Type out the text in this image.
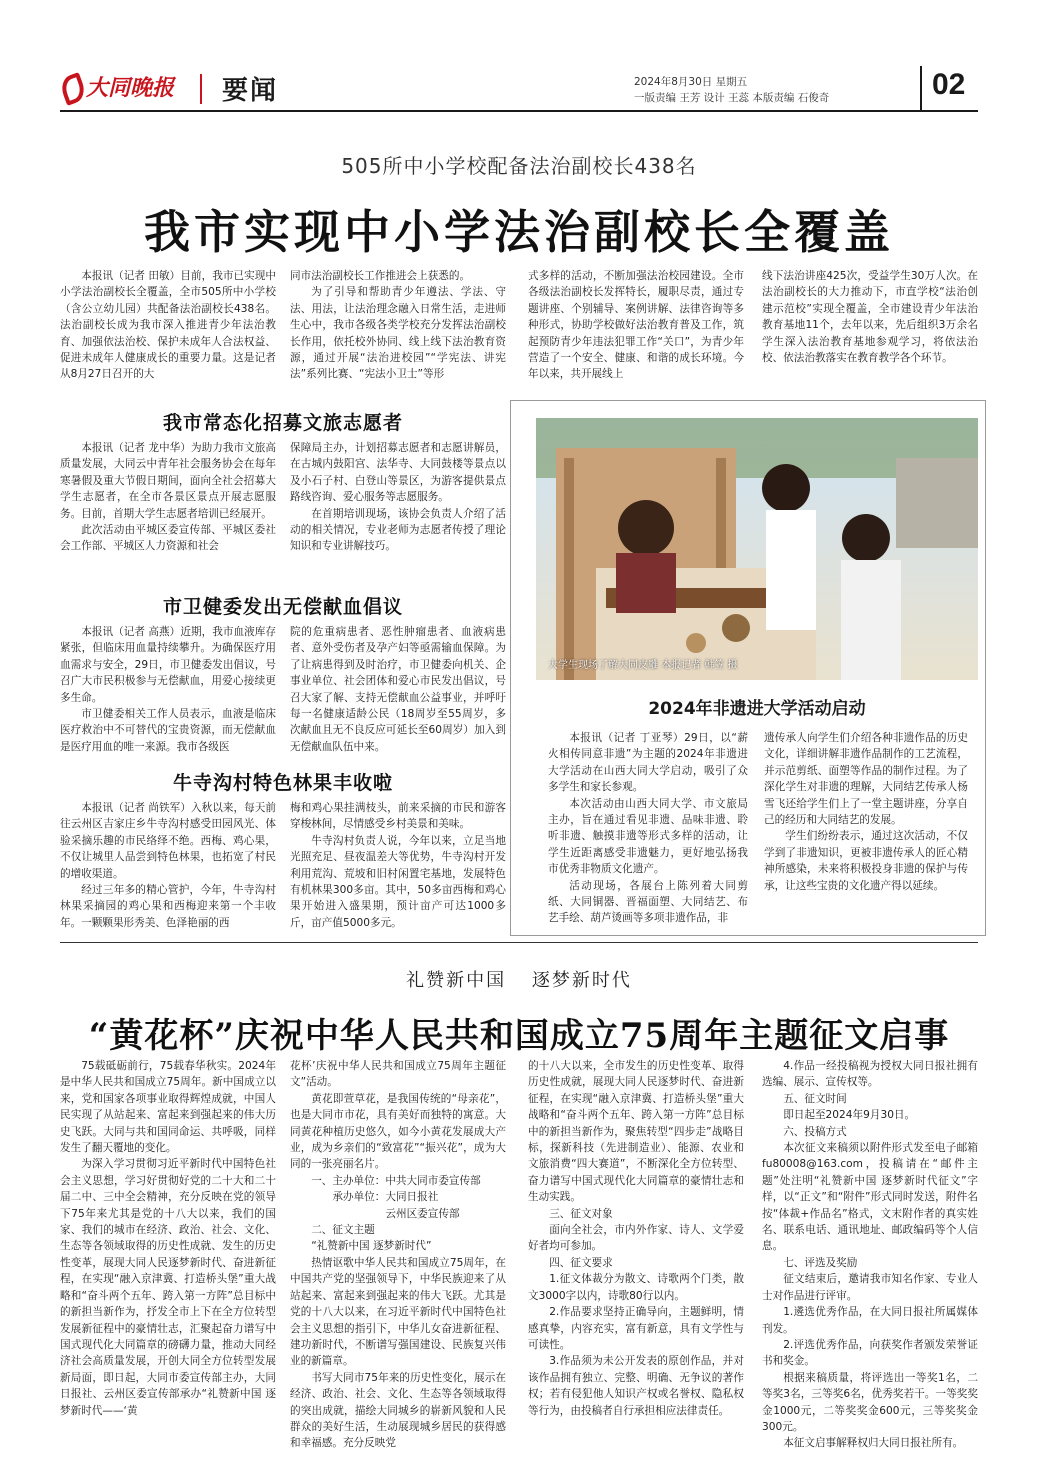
大同晚报 要闻	2024年8月30日 星期五
一版责编 王芳 设计 王蕊 本版责编 石俊奇	02
505所中小学校配备法治副校长438名
我市实现中小学法治副校长全覆盖

本报讯（记者 田敏）目前，我市已实现中小学法治副校长全覆盖，全市505所中小学校（含公立幼儿园）共配备法治副校长438名。法治副校长成为我市深入推进青少年法治教育、加强依法治校、保护未成年人合法权益、促进未成年人健康成长的重要力量。这是记者从8月27日召开的大

同市法治副校长工作推进会上获悉的。

为了引导和帮助青少年遵法、学法、守法、用法，让法治理念融入日常生活，走进师生心中，我市各级各类学校充分发挥法治副校长作用，依托校外协同、线上线下法治教育资源，通过开展“法治进校园”“学宪法、讲宪法”系列比赛、“宪法小卫士”等形

式多样的活动，不断加强法治校园建设。全市各级法治副校长发挥特长，履职尽责，通过专题讲座、个别辅导、案例讲解、法律咨询等多种形式，协助学校做好法治教育普及工作，筑起预防青少年违法犯罪工作“关口”，为青少年营造了一个安全、健康、和谐的成长环境。今年以来，共开展线上

线下法治讲座425次，受益学生30万人次。在法治副校长的大力推动下，市直学校“法治创建示范校”实现全覆盖，全市建设青少年法治教育基地11个，去年以来，先后组织3万余名学生深入法治教育基地参观学习，将依法治校、依法治教落实在教育教学各个环节。

我市常态化招募文旅志愿者

本报讯（记者 龙中华）为助力我市文旅高质量发展，大同云中青年社会服务协会在每年寒暑假及重大节假日期间，面向全社会招募大学生志愿者，在全市各景区景点开展志愿服务。目前，首期大学生志愿者培训已经展开。

此次活动由平城区委宣传部、平城区委社会工作部、平城区人力资源和社会

保障局主办，计划招募志愿者和志愿讲解员，在古城内鼓阳宫、法华寺、大同鼓楼等景点以及小石子村、白登山等景区，为游客提供景点路线咨询、爱心服务等志愿服务。

在首期培训现场，该协会负责人介绍了活动的相关情况，专业老师为志愿者传授了理论知识和专业讲解技巧。

市卫健委发出无偿献血倡议

本报讯（记者 高燕）近期，我市血液库存紧张，但临床用血量持续攀升。为确保医疗用血需求与安全，29日，市卫健委发出倡议，号召广大市民积极参与无偿献血，用爱心接续更多生命。

市卫健委相关工作人员表示，血液是临床医疗救治中不可替代的宝贵资源，而无偿献血是医疗用血的唯一来源。我市各级医

院的危重病患者、恶性肿瘤患者、血液病患者、意外受伤者及孕产妇等亟需输血保障。为了让病患得到及时治疗，市卫健委向机关、企事业单位、社会团体和爱心市民发出倡议，号召大家了解、支持无偿献血公益事业，并呼吁每一名健康适龄公民（18周岁至55周岁，多次献血且无不良反应可延长至60周岁）加入到无偿献血队伍中来。

牛寺沟村特色林果丰收啦

本报讯（记者 尚铁军）入秋以来，每天前往云州区吉家庄乡牛寺沟村感受田园风光、体验采摘乐趣的市民络绎不绝。西梅、鸡心果，不仅让城里人品尝到特色林果，也拓宽了村民的增收渠道。

经过三年多的精心管护，今年，牛寺沟村林果采摘园的鸡心果和西梅迎来第一个丰收年。一颗颗果形秀美、色泽艳丽的西

梅和鸡心果挂满枝头，前来采摘的市民和游客穿梭林间，尽情感受乡村美景和美味。

牛寺沟村负责人说，今年以来，立足当地光照充足、昼夜温差大等优势，牛寺沟村开发利用荒沟、荒坡和旧村闲置宅基地，发展特色有机林果300多亩。其中，50多亩西梅和鸡心果开始进入盛果期，预计亩产可达1000多斤，亩产值5000多元。

大学生现场了解大同皮雕 本报记者 韩笠 摄
2024年非遗进大学活动启动

本报讯（记者 丁亚琴）29日，以“薪火相传同意非遗”为主题的2024年非遗进大学活动在山西大同大学启动，吸引了众多学生和家长参观。

本次活动由山西大同大学、市文旅局主办，旨在通过看见非遗、品味非遗、聆听非遗、触摸非遗等形式多样的活动，让学生近距离感受非遗魅力，更好地弘扬我市优秀非物质文化遗产。

活动现场，各展台上陈列着大同剪纸、大同铜器、晋福面塑、大同结艺、布艺手绘、葫芦烫画等多项非遗作品，非

遗传承人向学生们介绍各种非遗作品的历史文化，详细讲解非遗作品制作的工艺流程，并示范剪纸、面塑等作品的制作过程。为了深化学生对非遗的理解，大同结艺传承人杨雪飞还给学生们上了一堂主题讲座，分享自己的经历和大同结艺的发展。

学生们纷纷表示，通过这次活动，不仅学到了非遗知识，更被非遗传承人的匠心精神所感染，未来将积极投身非遗的保护与传承，让这些宝贵的文化遗产得以延续。

礼赞新中国 逐梦新时代
“黄花杯”庆祝中华人民共和国成立75周年主题征文启事

75载砥砺前行，75载春华秋实。2024年是中华人民共和国成立75周年。新中国成立以来，党和国家各项事业取得辉煌成就，中国人民实现了从站起来、富起来到强起来的伟大历史飞跃。大同与共和国同命运、共呼吸，同样发生了翻天覆地的变化。

为深入学习贯彻习近平新时代中国特色社会主义思想，学习好贯彻好党的二十大和二十届二中、三中全会精神，充分反映在党的领导下75年来尤其是党的十八大以来，我们的国家、我们的城市在经济、政治、社会、文化、生态等各领域取得的历史性成就、发生的历史性变革，展现大同人民逐梦新时代、奋进新征程，在实现“融入京津冀、打造桥头堡”重大战略和“奋斗两个五年、跨入第一方阵”总目标中的新担当新作为，抒发全市上下在全方位转型发展新征程中的豪情壮志，汇聚起奋力谱写中国式现代化大同篇章的磅礴力量，推动大同经济社会高质量发展，开创大同全方位转型发展新局面，即日起，大同市委宣传部主办，大同日报社、云州区委宣传部承办“礼赞新中国 逐梦新时代——‘黄

花杯’庆祝中华人民共和国成立75周年主题征文”活动。

黄花即萱草花，是我国传统的“母亲花”，也是大同市市花，具有美好而独特的寓意。大同黄花种植历史悠久，如今小黄花发展成大产业，成为乡亲们的“致富花”“振兴花”，成为大同的一张亮丽名片。

一、主办单位：中共大同市委宣传部

承办单位：大同日报社

云州区委宣传部

二、征文主题

“礼赞新中国 逐梦新时代”

热情讴歌中华人民共和国成立75周年，在中国共产党的坚强领导下，中华民族迎来了从站起来、富起来到强起来的伟大飞跃。尤其是党的十八大以来，在习近平新时代中国特色社会主义思想的指引下，中华儿女奋进新征程、建功新时代，不断谱写强国建设、民族复兴伟业的新篇章。

书写大同市75年来的历史性变化，展示在经济、政治、社会、文化、生态等各领域取得的突出成就，描绘大同城乡的崭新风貌和人民群众的美好生活，生动展现城乡居民的获得感和幸福感。充分反映党

的十八大以来，全市发生的历史性变革、取得历史性成就，展现大同人民逐梦时代、奋进新征程，在实现“融入京津冀、打造桥头堡”重大战略和“奋斗两个五年、跨入第一方阵”总目标中的新担当新作为，聚焦转型“四步走”战略目标，探新科技（先进制造业）、能源、农业和文旅消费“四大赛道”，不断深化全方位转型、奋力谱写中国式现代化大同篇章的豪情壮志和生动实践。

三、征文对象

面向全社会，市内外作家、诗人、文学爱好者均可参加。

四、征文要求

1.征文体裁分为散文、诗歌两个门类，散文3000字以内，诗歌80行以内。

2.作品要求坚持正确导向，主题鲜明，情感真挚，内容充实，富有新意，具有文学性与可读性。

3.作品须为未公开发表的原创作品，并对该作品拥有独立、完整、明确、无争议的著作权；若有侵犯他人知识产权或名誉权、隐私权等行为，由投稿者自行承担相应法律责任。

4.作品一经投稿视为授权大同日报社拥有选编、展示、宣传权等。

五、征文时间

即日起至2024年9月30日。

六、投稿方式

本次征文来稿须以附件形式发至电子邮箱fu80008@163.com，投稿请在“邮件主题”处注明“礼赞新中国 逐梦新时代征文”字样，以“正文”和“附件”形式同时发送，附件名按“体裁+作品名”格式，文末附作者的真实姓名、联系电话、通讯地址、邮政编码等个人信息。

七、评选及奖励

征文结束后，邀请我市知名作家、专业人士对作品进行评审。

1.遴选优秀作品，在大同日报社所属媒体刊发。

2.评选优秀作品，向获奖作者颁发荣誉证书和奖金。

根据来稿质量，将评选出一等奖1名，二等奖3名，三等奖6名，优秀奖若干。一等奖奖金1000元，二等奖奖金600元，三等奖奖金300元。

本征文启事解释权归大同日报社所有。
